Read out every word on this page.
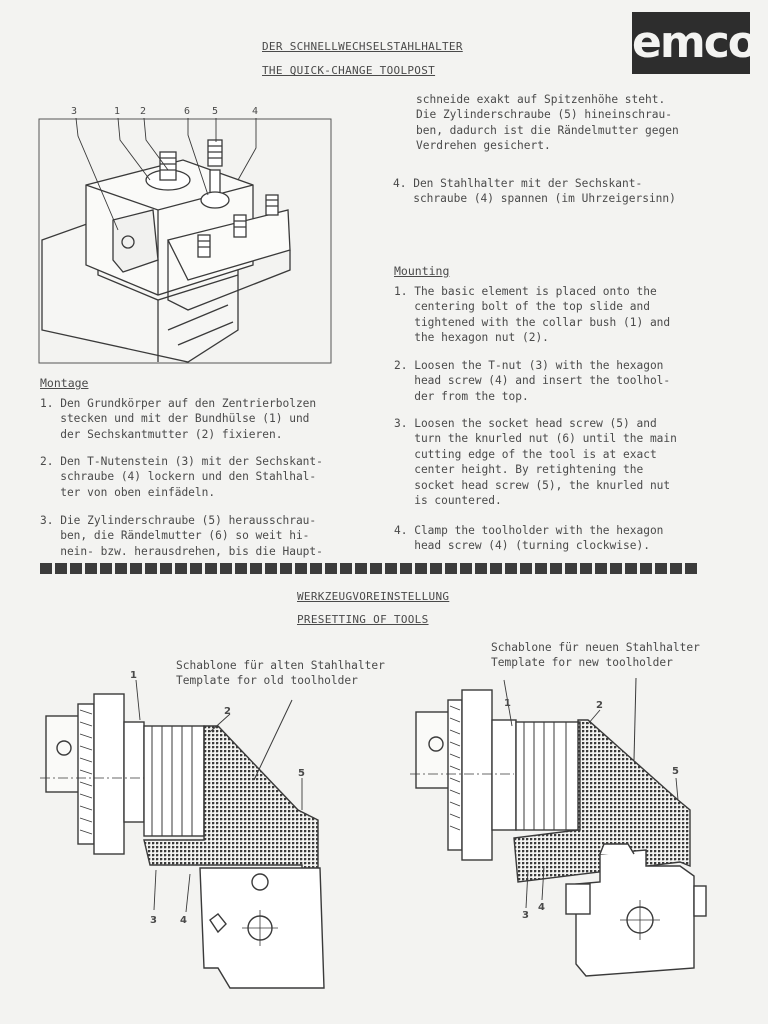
DER SCHNELLWECHSELSTAHLHALTER
THE QUICK-CHANGE TOOLPOST
emco
3	1 2	6 5	4
Montage
1. Den Grundkörper auf den Zentrierbolzen
stecken und mit der Bundhülse (1) und
der Sechskantmutter (2) fixieren.
2. Den T-Nutenstein (3) mit der Sechskant-
schraube (4) lockern und den Stahlhal-
ter von oben einfädeln.
3. Die Zylinderschraube (5) herausschrau-
ben, die Rändelmutter (6) so weit hi-
nein- bzw. herausdrehen, bis die Haupt-
schneide exakt auf Spitzenhöhe steht.
Die Zylinderschraube (5) hineinschrau-
ben, dadurch ist die Rändelmutter gegen
Verdrehen gesichert.
4. Den Stahlhalter mit der Sechskant-
schraube (4) spannen (im Uhrzeigersinn)
Mounting
1. The basic element is placed onto the
centering bolt of the top slide and
tightened with the collar bush (1) and
the hexagon nut (2).
2. Loosen the T-nut (3) with the hexagon
head screw (4) and insert the toolhol-
der from the top.
3. Loosen the socket head screw (5) and
turn the knurled nut (6) until the main
cutting edge of the tool is at exact
center height. By retightening the
socket head screw (5), the knurled nut
is countered.
4. Clamp the toolholder with the hexagon
head screw (4) (turning clockwise).
WERKZEUGVOREINSTELLUNG
PRESETTING OF TOOLS
Schablone für alten Stahlhalter
Template for old toolholder
Schablone für neuen Stahlhalter
Template for new toolholder
1
2
5
3 4
1	2
5
3
4
